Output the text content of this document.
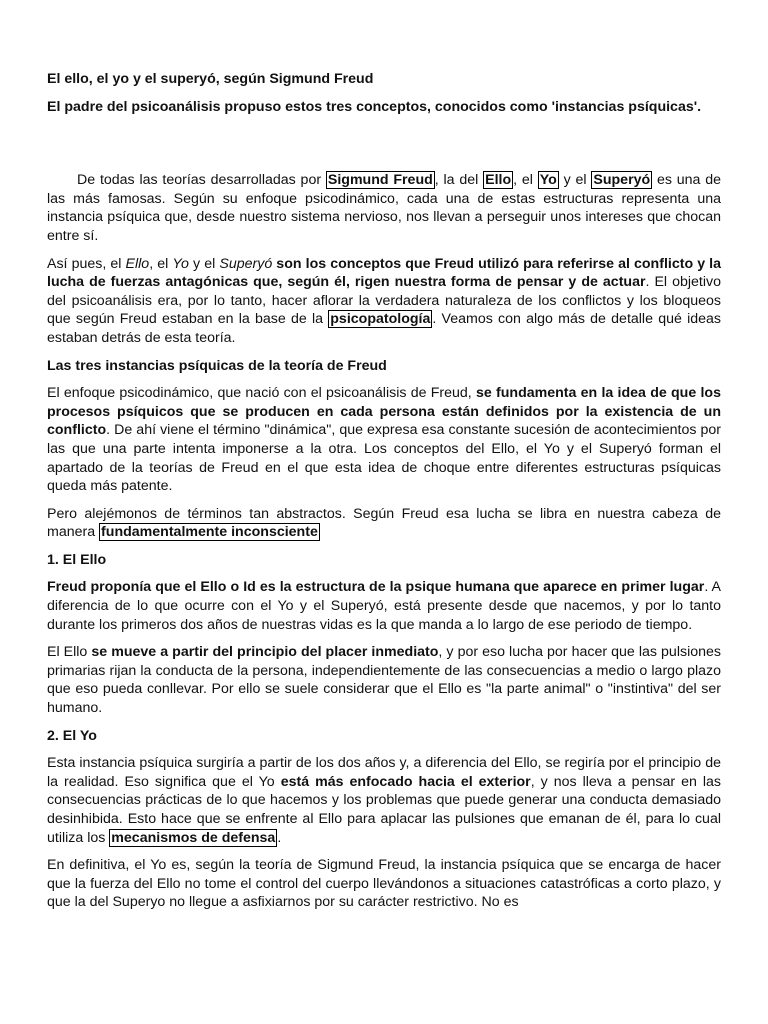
El ello, el yo y el superyó, según Sigmund Freud

El padre del psicoanálisis propuso estos tres conceptos, conocidos como 'instancias psíquicas'.

De todas las teorías desarrolladas por Sigmund Freud , la del Ello , el Yo y el Superyó es una de las más famosas. Según su enfoque psicodinámico, cada una de estas estructuras representa una instancia psíquica que, desde nuestro sistema nervioso, nos llevan a perseguir unos intereses que chocan entre sí.

Así pues, el Ello, el Yo y el Superyó son los conceptos que Freud utilizó para referirse al conflicto y la lucha de fuerzas antagónicas que, según él, rigen nuestra forma de pensar y de actuar. El objetivo del psicoanálisis era, por lo tanto, hacer aflorar la verdadera naturaleza de los conflictos y los bloqueos que según Freud estaban en la base de la psicopatología . Veamos con algo más de detalle qué ideas estaban detrás de esta teoría.

Las tres instancias psíquicas de la teoría de Freud

El enfoque psicodinámico, que nació con el psicoanálisis de Freud, se fundamenta en la idea de que los procesos psíquicos que se producen en cada persona están definidos por la existencia de un conflicto. De ahí viene el término "dinámica", que expresa esa constante sucesión de acontecimientos por las que una parte intenta imponerse a la otra. Los conceptos del Ello, el Yo y el Superyó forman el apartado de la teorías de Freud en el que esta idea de choque entre diferentes estructuras psíquicas queda más patente.

Pero alejémonos de términos tan abstractos. Según Freud esa lucha se libra en nuestra cabeza de manera fundamentalmente inconsciente

1. El Ello

Freud proponía que el Ello o Id es la estructura de la psique humana que aparece en primer lugar. A diferencia de lo que ocurre con el Yo y el Superyó, está presente desde que nacemos, y por lo tanto durante los primeros dos años de nuestras vidas es la que manda a lo largo de ese periodo de tiempo.

El Ello se mueve a partir del principio del placer inmediato, y por eso lucha por hacer que las pulsiones primarias rijan la conducta de la persona, independientemente de las consecuencias a medio o largo plazo que eso pueda conllevar. Por ello se suele considerar que el Ello es "la parte animal" o "instintiva" del ser humano.

2. El Yo

Esta instancia psíquica surgiría a partir de los dos años y, a diferencia del Ello, se regiría por el principio de la realidad. Eso significa que el Yo está más enfocado hacia el exterior, y nos lleva a pensar en las consecuencias prácticas de lo que hacemos y los problemas que puede generar una conducta demasiado desinhibida. Esto hace que se enfrente al Ello para aplacar las pulsiones que emanan de él, para lo cual utiliza los mecanismos de defensa .

En definitiva, el Yo es, según la teoría de Sigmund Freud, la instancia psíquica que se encarga de hacer que la fuerza del Ello no tome el control del cuerpo llevándonos a situaciones catastróficas a corto plazo, y que la del Superyo no llegue a asfixiarnos por su carácter restrictivo. No es
